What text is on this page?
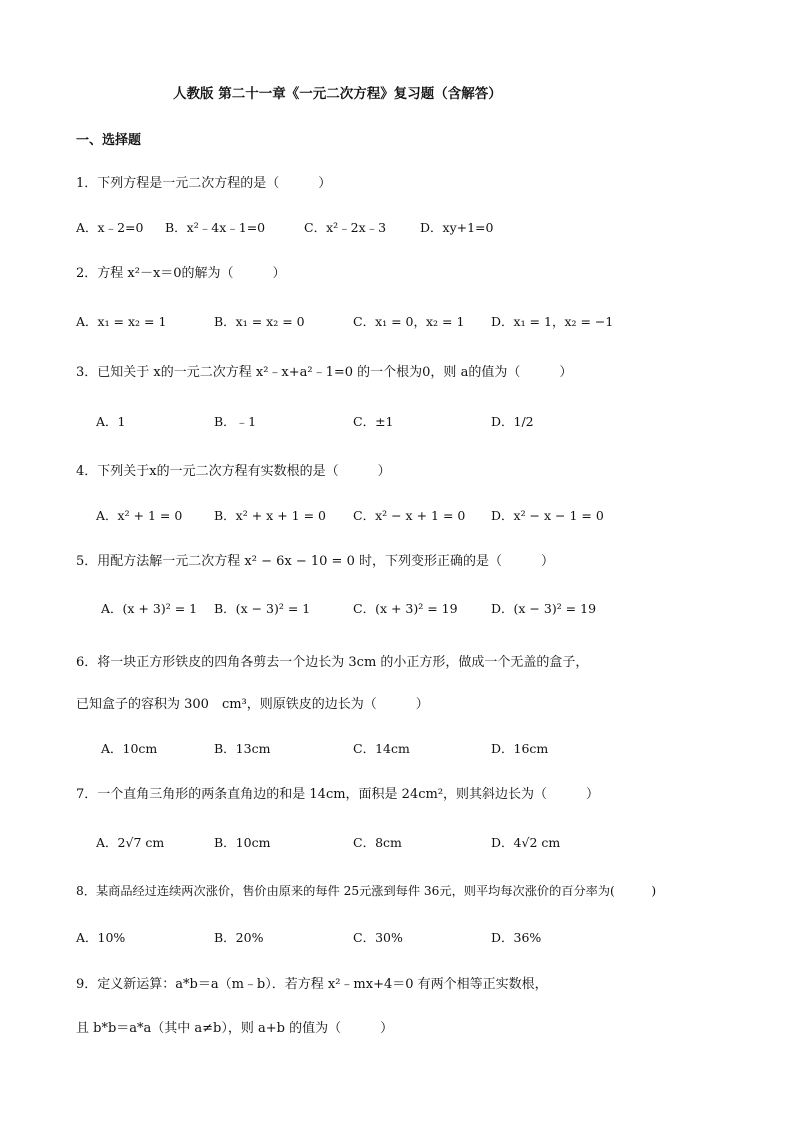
人教版 第二十一章《一元二次方程》复习题（含解答）
一、选择题
1．下列方程是一元二次方程的是（　　　）
A．x﹣2=0 B．x²﹣4x﹣1=0	C．x²﹣2x﹣3	D．xy+1=0
2．方程 x²－x＝0的解为（　　　）
A．x₁ = x₂ = 1	B．x₁ = x₂ = 0	C．x₁ = 0，x₂ = 1 D．x₁ = 1，x₂ = −1
3．已知关于 x的一元二次方程 x²﹣x+a²﹣1=0 的一个根为0，则 a的值为（　　　）
A．1	B．﹣1	C．±1	D．1/2
4．下列关于x的一元二次方程有实数根的是（　　　）
A．x² + 1 = 0	B．x² + x + 1 = 0 C．x² − x + 1 = 0 D．x² − x − 1 = 0
5．用配方法解一元二次方程 x² − 6x − 10 = 0 时，下列变形正确的是（　　　）
A．(x + 3)² = 1 B．(x − 3)² = 1	C．(x + 3)² = 19	D．(x − 3)² = 19
6．将一块正方形铁皮的四角各剪去一个边长为 3cm 的小正方形，做成一个无盖的盒子，
已知盒子的容积为 300　cm³，则原铁皮的边长为（　　　）
A．10cm	B．13cm	C．14cm	D．16cm
7．一个直角三角形的两条直角边的和是 14cm，面积是 24cm²，则其斜边长为（　　　）
A．2√7 cm	B．10cm	C．8cm	D．4√2 cm
8．某商品经过连续两次涨价，售价由原来的每件 25元涨到每件 36元，则平均每次涨价的百分率为(　　　)
A．10%	B．20%	C．30%	D．36%
9．定义新运算：a*b＝a（m﹣b）．若方程 x²﹣mx+4＝0 有两个相等正实数根，
且 b*b＝a*a（其中 a≠b），则 a+b 的值为（　　　）
